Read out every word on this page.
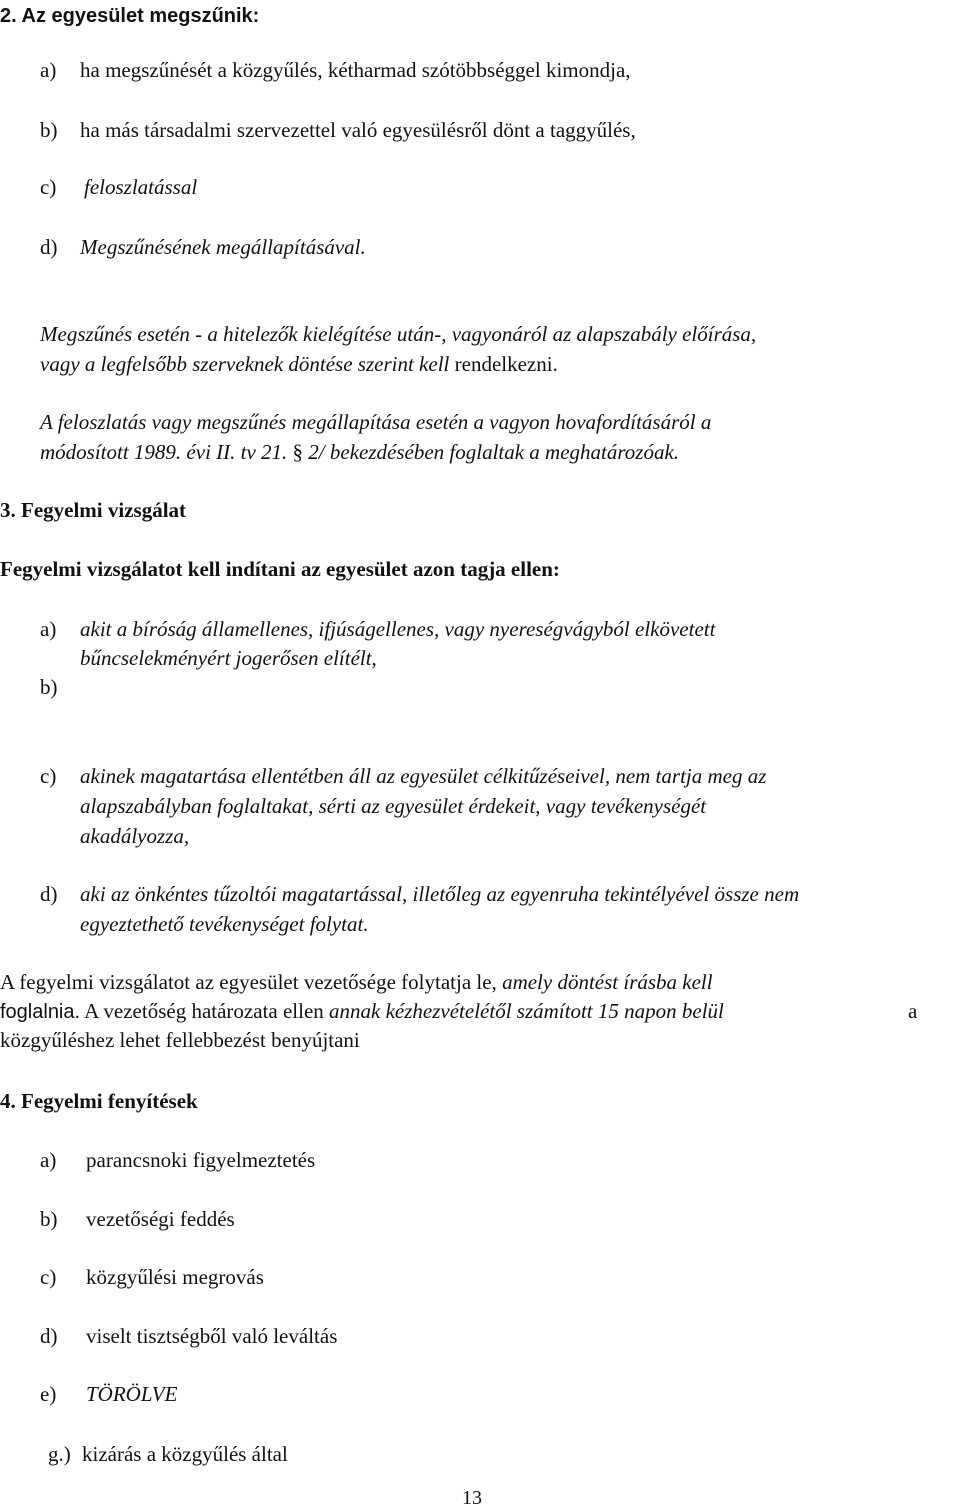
2. Az egyesület megszűnik:
a) ha megszűnését a közgyűlés, kétharmad szótöbbséggel kimondja,
b) ha más társadalmi szervezettel való egyesülésről dönt a taggyűlés,
c) feloszlatással
d) Megszűnésének megállapításával.
Megszűnés esetén - a hitelezők kielégítése után-, vagyonáról az alapszabály előírása,
vagy a legfelsőbb szerveknek döntése szerint kell rendelkezni.
A feloszlatás vagy megszűnés megállapítása esetén a vagyon hovafordításáról a
módosított 1989. évi II. tv 21. § 2/ bekezdésében foglaltak a meghatározóak.
3. Fegyelmi vizsgálat
Fegyelmi vizsgálatot kell indítani az egyesület azon tagja ellen:
a) akit a bíróság államellenes, ifjúságellenes, vagy nyereségvágyból elkövetett
bűncselekményért jogerősen elítélt,
b)
c) akinek magatartása ellentétben áll az egyesület célkitűzéseivel, nem tartja meg az
alapszabályban foglaltakat, sérti az egyesület érdekeit, vagy tevékenységét
akadályozza,
d) aki az önkéntes tűzoltói magatartással, illetőleg az egyenruha tekintélyével össze nem
egyeztethető tevékenységet folytat.
A fegyelmi vizsgálatot az egyesület vezetősége folytatja le, amely döntést írásba kell
foglalnia. A vezetőség határozata ellen annak kézhezvételétől számított 15 napon belül	a
közgyűléshez lehet fellebbezést benyújtani
4. Fegyelmi fenyítések
a) parancsnoki figyelmeztetés
b) vezetőségi feddés
c) közgyűlési megrovás
d) viselt tisztségből való leváltás
e) TÖRÖLVE
g.) kizárás a közgyűlés által
13
